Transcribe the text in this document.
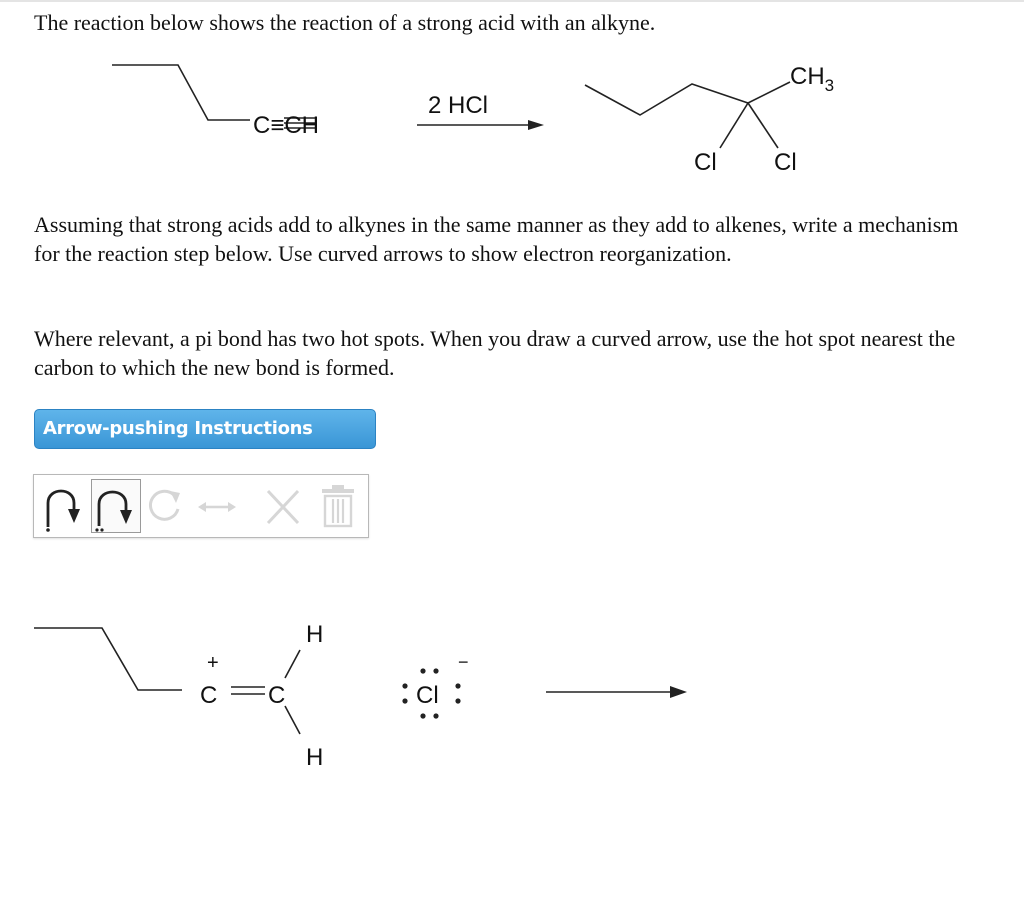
The reaction below shows the reaction of a strong acid with an alkyne.

C≡CH
2 HCl
$CH_3$
Cl Cl

Assuming that strong acids add to alkynes in the same manner as they add to alkenes, write a mechanism for the reaction step below. Use curved arrows to show electron reorganization.

Where relevant, a pi bond has two hot spots. When you draw a curved arrow, use the hot spot nearest the carbon to which the new bond is formed.

Arrow-pushing Instructions
C
+
C
H
H
Cl
−
